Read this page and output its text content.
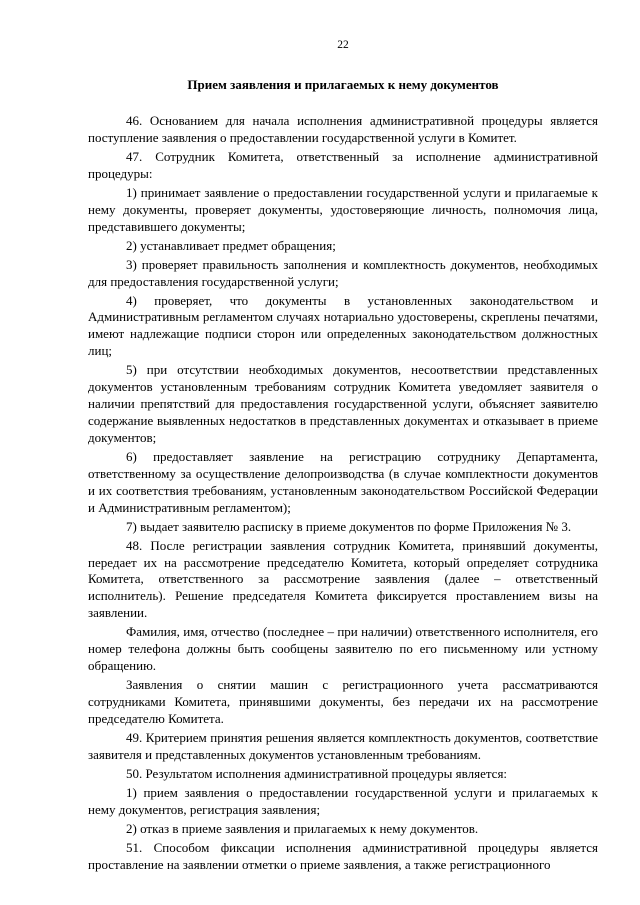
22
Прием заявления и прилагаемых к нему документов

46. Основанием для начала исполнения административной процедуры является поступление заявления о предоставлении государственной услуги в Комитет.

47. Сотрудник Комитета, ответственный за исполнение административной процедуры:

1) принимает заявление о предоставлении государственной услуги и прилагаемые к нему документы, проверяет документы, удостоверяющие личность, полномочия лица, представившего документы;

2) устанавливает предмет обращения;

3) проверяет правильность заполнения и комплектность документов, необходимых для предоставления государственной услуги;

4) проверяет, что документы в установленных законодательством и Административным регламентом случаях нотариально удостоверены, скреплены печатями, имеют надлежащие подписи сторон или определенных законодательством должностных лиц;

5) при отсутствии необходимых документов, несоответствии представленных документов установленным требованиям сотрудник Комитета уведомляет заявителя о наличии препятствий для предоставления государственной услуги, объясняет заявителю содержание выявленных недостатков в представленных документах и отказывает в приеме документов;

6) предоставляет заявление на регистрацию сотруднику Департамента, ответственному за осуществление делопроизводства (в случае комплектности документов и их соответствия требованиям, установленным законодательством Российской Федерации и Административным регламентом);

7) выдает заявителю расписку в приеме документов по форме Приложения № 3.

48. После регистрации заявления сотрудник Комитета, принявший документы, передает их на рассмотрение председателю Комитета, который определяет сотрудника Комитета, ответственного за рассмотрение заявления (далее – ответственный исполнитель). Решение председателя Комитета фиксируется проставлением визы на заявлении.

Фамилия, имя, отчество (последнее – при наличии) ответственного исполнителя, его номер телефона должны быть сообщены заявителю по его письменному или устному обращению.

Заявления о снятии машин с регистрационного учета рассматриваются сотрудниками Комитета, принявшими документы, без передачи их на рассмотрение председателю Комитета.

49. Критерием принятия решения является комплектность документов, соответствие заявителя и представленных документов установленным требованиям.

50. Результатом исполнения административной процедуры является:

1) прием заявления о предоставлении государственной услуги и прилагаемых к нему документов, регистрация заявления;

2) отказ в приеме заявления и прилагаемых к нему документов.

51. Способом фиксации исполнения административной процедуры является проставление на заявлении отметки о приеме заявления, а также регистрационного
